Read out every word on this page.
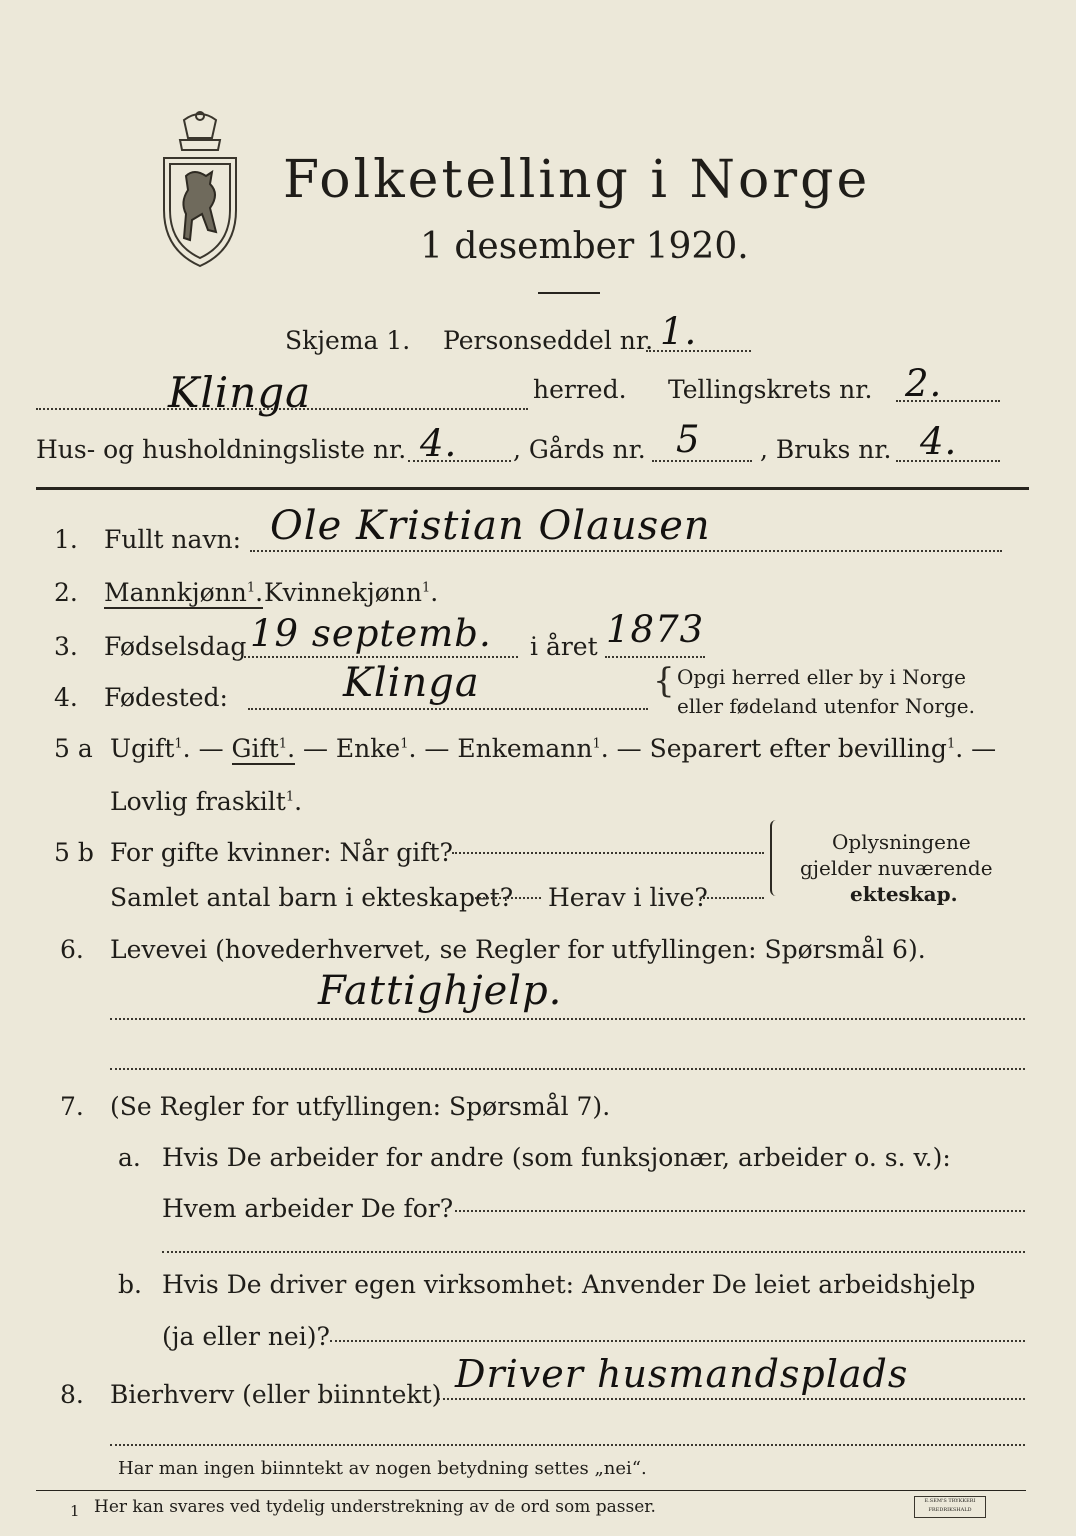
Folketelling i Norge
1 desember 1920.
Skjema 1. Personseddel nr. 1.
Klinga	herred. Tellingskrets nr. 2.
Hus- og husholdningsliste nr. 4. , Gårds nr. 5 , Bruks nr. 4.
1. Fullt navn: Ole Kristian Olausen
2. Mannkjønn$^1$. Kvinnekjønn$^1$.
3. Fødselsdag 19 septemb. i året 1873
4. Fødested:	Klinga	{ Opgi herred eller by i Norge
eller fødeland utenfor Norge.
5 a Ugift$^1$. — Gift$^1$. — Enke$^1$. — Enkemann$^1$. — Separert efter bevilling$^1$. —
Lovlig fraskilt$^1$.
5 b For gifte kvinner: Når gift?
Samlet antal barn i ekteskapet? Herav i live?
Oplysningene
gjelder nuværende
ekteskap.
6. Levevei (hovederhvervet, se Regler for utfyllingen: Spørsmål 6).
Fattighjelp.
7. (Se Regler for utfyllingen: Spørsmål 7).
a. Hvis De arbeider for andre (som funksjonær, arbeider o. s. v.):
Hvem arbeider De for?
b. Hvis De driver egen virksomhet: Anvender De leiet arbeidshjelp
(ja eller nei)?
8. Bierhverv (eller biinntekt) Driver husmandsplads
Har man ingen biinntekt av nogen betydning settes „nei“.
1 Her kan svares ved tydelig understrekning av de ord som passer.	E.SEM'S TRYKKERI FREDRIKSHALD
